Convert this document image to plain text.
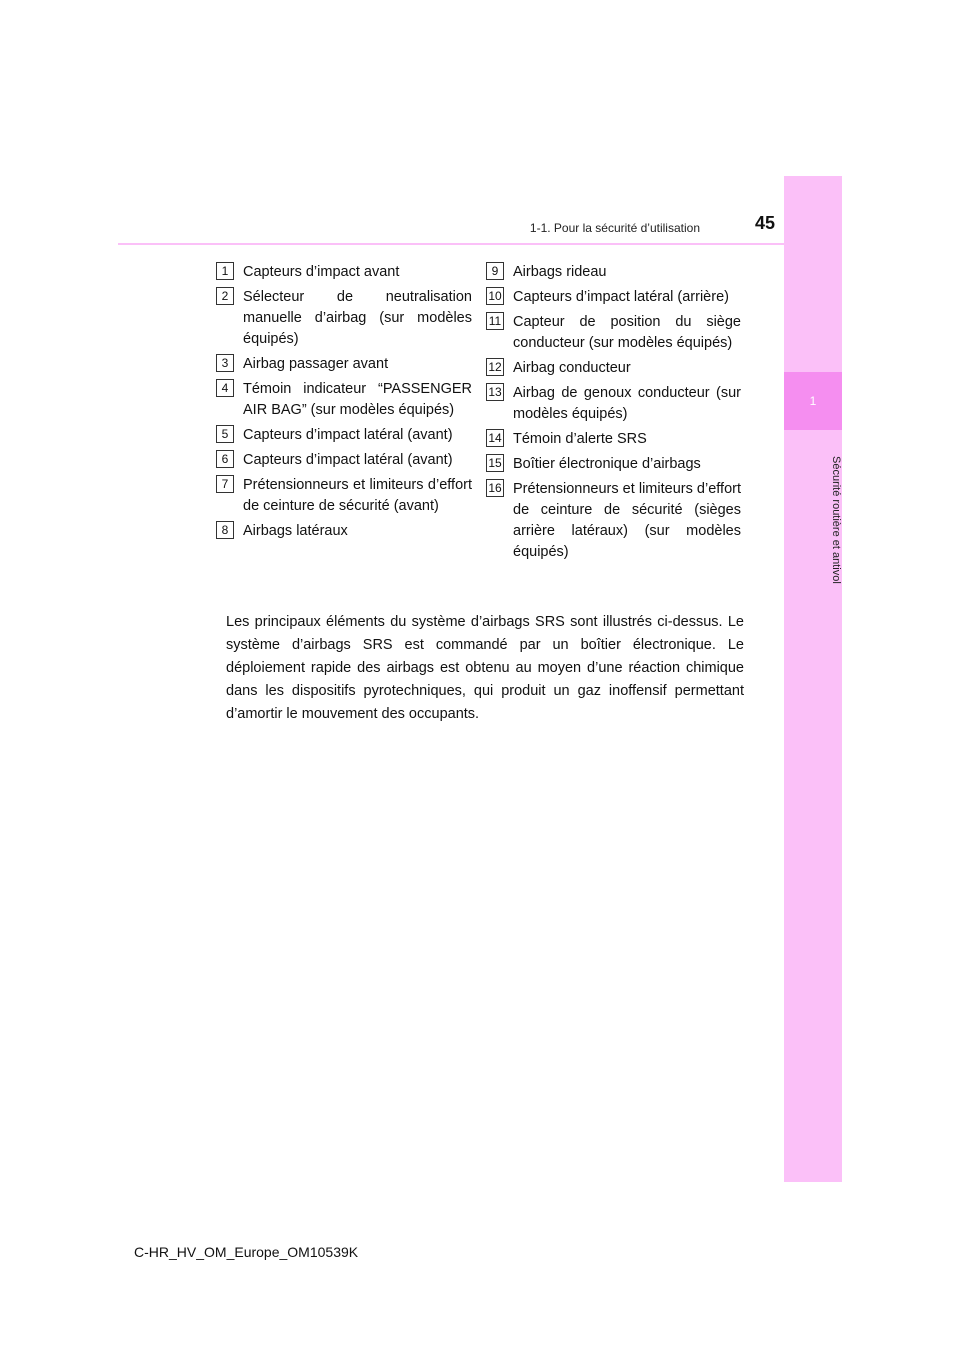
1
Sécurité routière et antivol
1-1. Pour la sécurité d’utilisation	45
1	Capteurs d’impact avant
2	Sélecteur de neutralisation manuelle d’airbag (sur modèles équipés)
3	Airbag passager avant
4	Témoin indicateur “PASSENGER AIR BAG” (sur modèles équipés)
5	Capteurs d’impact latéral (avant)
6	Capteurs d’impact latéral (avant)
7	Prétensionneurs et limiteurs d’effort de ceinture de sécurité (avant)
8	Airbags latéraux
9	Airbags rideau
10 Capteurs d’impact latéral (arrière)
11 Capteur de position du siège conducteur (sur modèles équipés)
12 Airbag conducteur
13 Airbag de genoux conducteur (sur modèles équipés)
14 Témoin d’alerte SRS
15 Boîtier électronique d’airbags
16 Prétensionneurs et limiteurs d’effort de ceinture de sécurité (sièges arrière latéraux) (sur modèles équipés)

Les principaux éléments du système d’airbags SRS sont illustrés ci-dessus. Le système d’airbags SRS est commandé par un boîtier électronique. Le déploiement rapide des airbags est obtenu au moyen d’une réaction chimique dans les dispositifs pyrotechniques, qui produit un gaz inoffensif permettant d’amortir le mouvement des occupants.

C-HR_HV_OM_Europe_OM10539K
